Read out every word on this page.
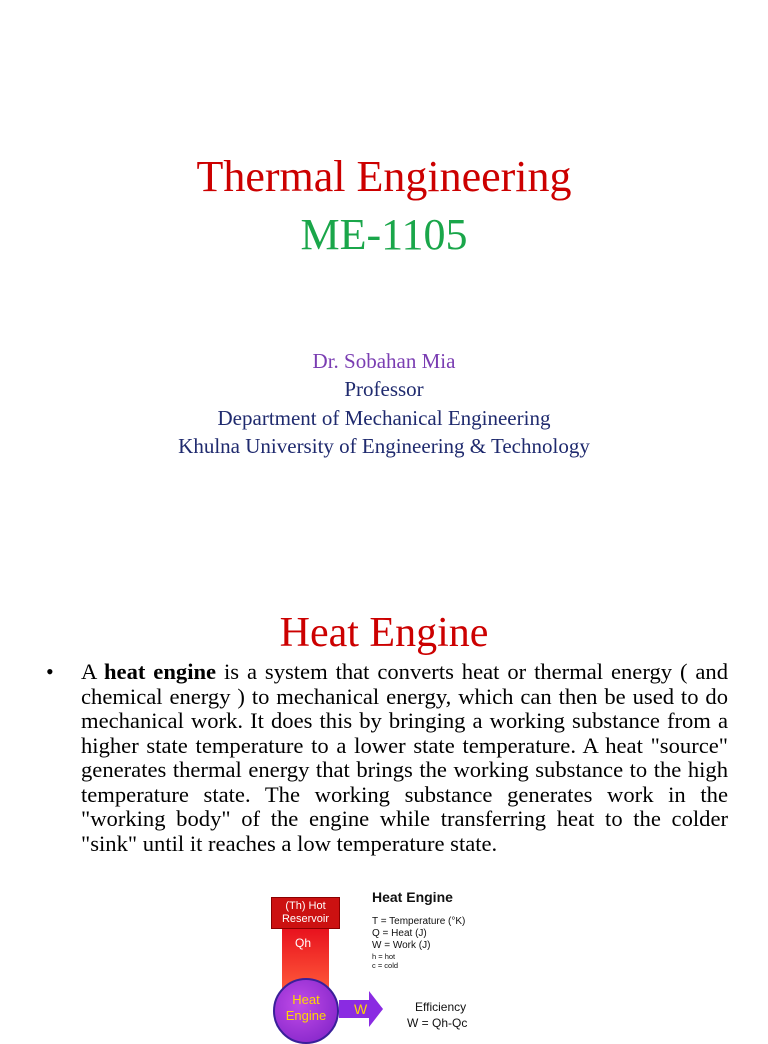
Thermal Engineering
ME-1105
Dr. Sobahan Mia
Professor
Department of Mechanical Engineering
Khulna University of Engineering & Technology
Heat Engine
• A heat engine is a system that converts heat or thermal energy ( and chemical energy ) to mechanical energy, which can then be used to do mechanical work. It does this by bringing a working substance from a higher state temperature to a lower state temperature. A heat "source" generates thermal energy that brings the working substance to the high temperature state. The working substance generates work in the "working body" of the engine while transferring heat to the colder "sink" until it reaches a low temperature state.
(Th) Hot
Reservoir
Qh
W
Heat
Engine
Heat Engine
T = Temperature (°K)
Q = Heat (J)
W = Work (J)
h = hot
c = cold
Efficiency
W = Qh-Qc
